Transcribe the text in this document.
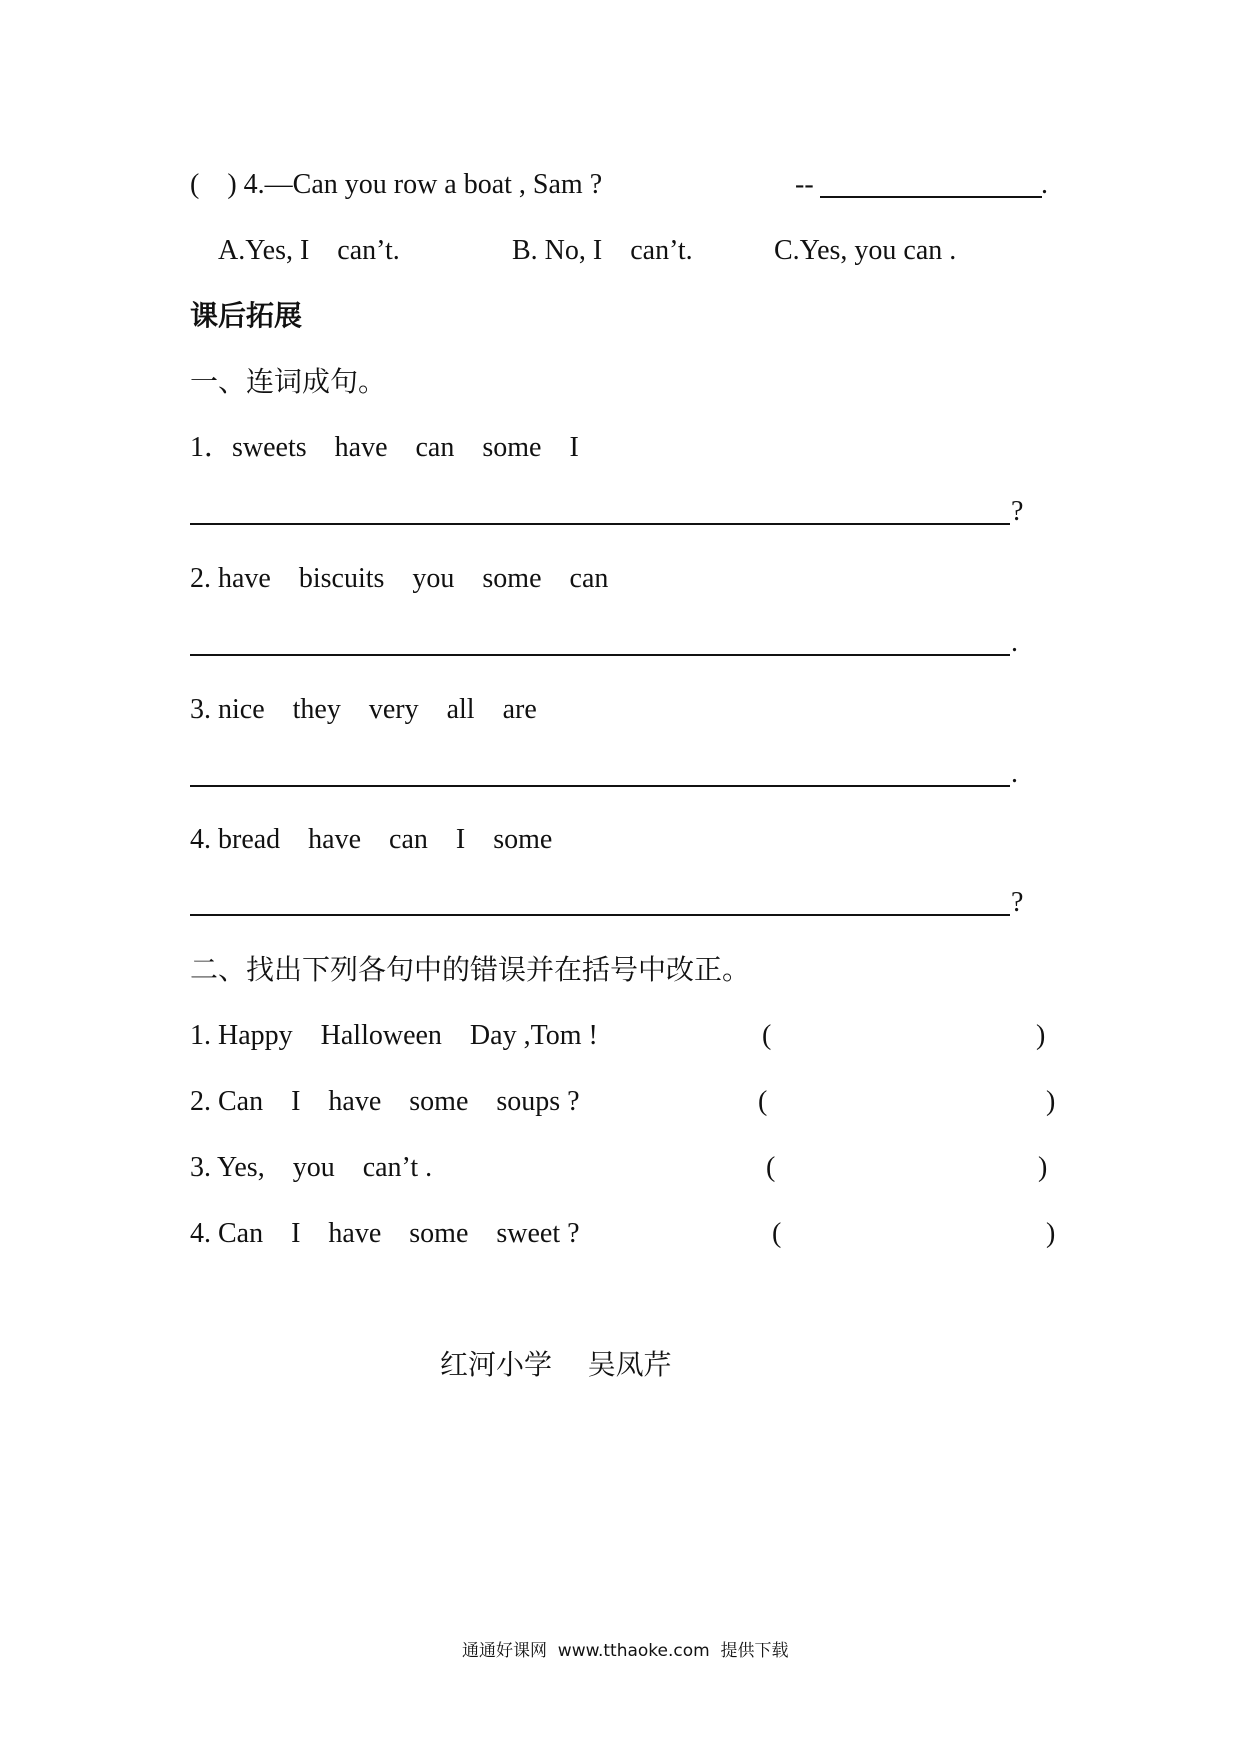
(    ) 4.—Can you row a boat , Sam ?	--	.
A.Yes, I    can’t.	B. No, I    can’t.	C.Yes, you can .
课后拓展
一、连词成句。
1．sweets    have    can    some    I
?
2. have    biscuits    you    some    can
.
3. nice    they    very    all    are
.
4. bread    have    can    I    some
?
二、找出下列各句中的错误并在括号中改正。
1. Happy    Halloween    Day ,Tom !	(	)
2. Can    I    have    some    soups ?	(	)
3. Yes,    you    can’t .	(	)
4. Can    I    have    some    sweet ?	(	)
红河小学    吴凤芹
通通好课网  www.tthaoke.com  提供下载
